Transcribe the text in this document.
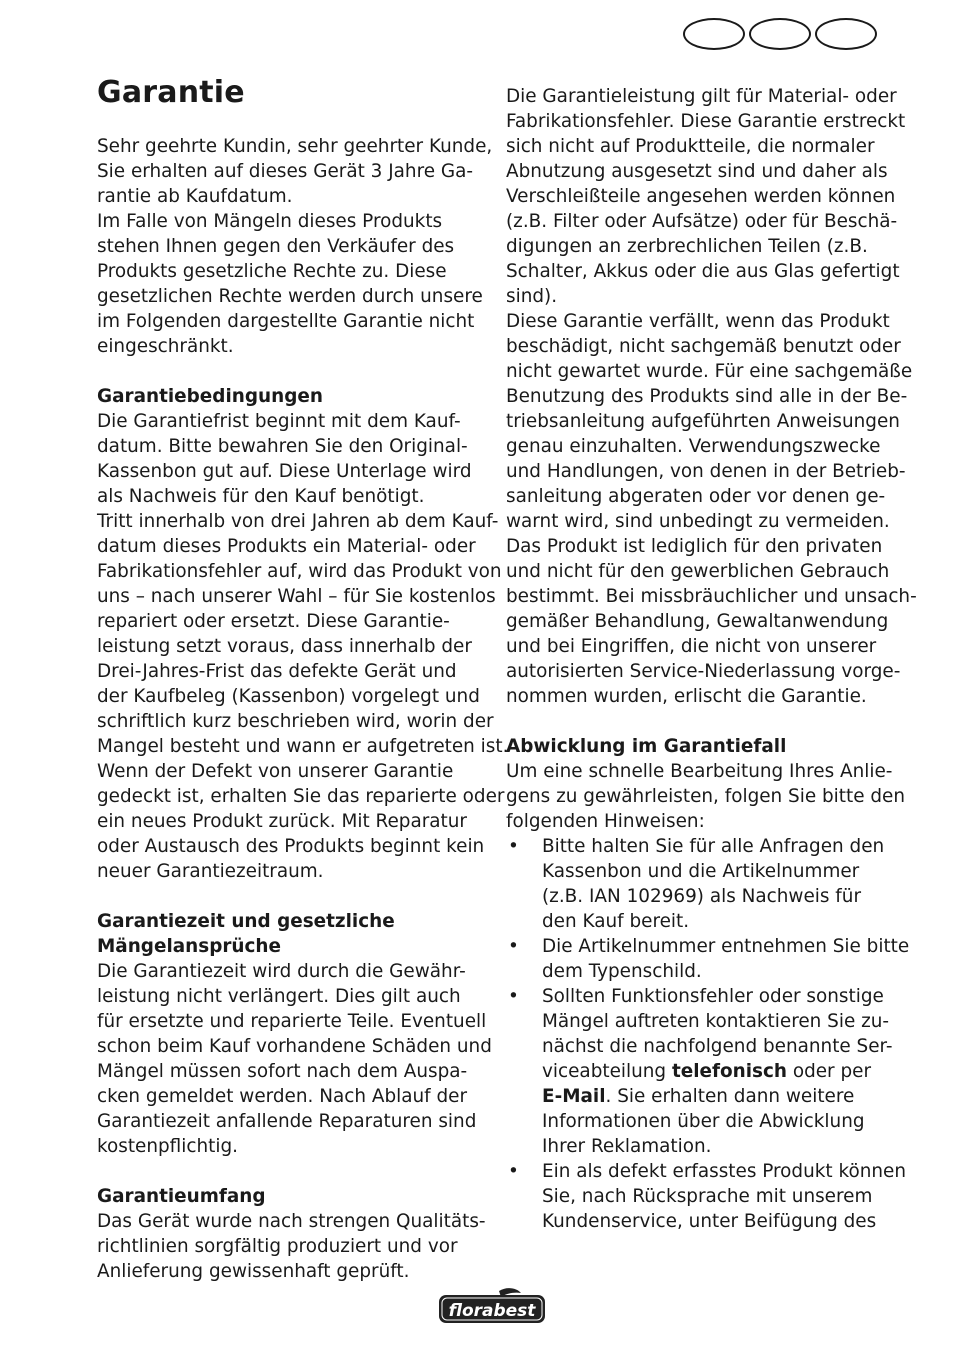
Garantie
Sehr geehrte Kundin, sehr geehrter Kunde,
Sie erhalten auf dieses Gerät 3 Jahre Ga-
rantie ab Kaufdatum.
Im Falle von Mängeln dieses Produkts
stehen Ihnen gegen den Verkäufer des
Produkts gesetzliche Rechte zu. Diese
gesetzlichen Rechte werden durch unsere
im Folgenden dargestellte Garantie nicht
eingeschränkt.
Garantiebedingungen
Die Garantiefrist beginnt mit dem Kauf-
datum. Bitte bewahren Sie den Original-
Kassenbon gut auf. Diese Unterlage wird
als Nachweis für den Kauf benötigt.
Tritt innerhalb von drei Jahren ab dem Kauf-
datum dieses Produkts ein Material- oder
Fabrikationsfehler auf, wird das Produkt von
uns – nach unserer Wahl – für Sie kostenlos
repariert oder ersetzt. Diese Garantie-
leistung setzt voraus, dass innerhalb der
Drei-Jahres-Frist das defekte Gerät und
der Kaufbeleg (Kassenbon) vorgelegt und
schriftlich kurz beschrieben wird, worin der
Mangel besteht und wann er aufgetreten ist.
Wenn der Defekt von unserer Garantie
gedeckt ist, erhalten Sie das reparierte oder
ein neues Produkt zurück. Mit Reparatur
oder Austausch des Produkts beginnt kein
neuer Garantiezeitraum.
Garantiezeit und gesetzliche
Mängelansprüche
Die Garantiezeit wird durch die Gewähr-
leistung nicht verlängert. Dies gilt auch
für ersetzte und reparierte Teile. Eventuell
schon beim Kauf vorhandene Schäden und
Mängel müssen sofort nach dem Auspa-
cken gemeldet werden. Nach Ablauf der
Garantiezeit anfallende Reparaturen sind
kostenpflichtig.
Garantieumfang
Das Gerät wurde nach strengen Qualitäts-
richtlinien sorgfältig produziert und vor
Anlieferung gewissenhaft geprüft.
Die Garantieleistung gilt für Material- oder
Fabrikationsfehler. Diese Garantie erstreckt
sich nicht auf Produktteile, die normaler
Abnutzung ausgesetzt sind und daher als
Verschleißteile angesehen werden können
(z.B. Filter oder Aufsätze) oder für Beschä-
digungen an zerbrechlichen Teilen (z.B.
Schalter, Akkus oder die aus Glas gefertigt
sind).
Diese Garantie verfällt, wenn das Produkt
beschädigt, nicht sachgemäß benutzt oder
nicht gewartet wurde. Für eine sachgemäße
Benutzung des Produkts sind alle in der Be-
triebsanleitung aufgeführten Anweisungen
genau einzuhalten. Verwendungszwecke
und Handlungen, von denen in der Betrieb-
sanleitung abgeraten oder vor denen ge-
warnt wird, sind unbedingt zu vermeiden.
Das Produkt ist lediglich für den privaten
und nicht für den gewerblichen Gebrauch
bestimmt. Bei missbräuchlicher und unsach-
gemäßer Behandlung, Gewaltanwendung
und bei Eingriffen, die nicht von unserer
autorisierten Service-Niederlassung vorge-
nommen wurden, erlischt die Garantie.
Abwicklung im Garantiefall
Um eine schnelle Bearbeitung Ihres Anlie-
gens zu gewährleisten, folgen Sie bitte den
folgenden Hinweisen:
•	Bitte halten Sie für alle Anfragen den
Kassenbon und die Artikelnummer
(z.B. IAN 102969) als Nachweis für
den Kauf bereit.
•	Die Artikelnummer entnehmen Sie bitte
dem Typenschild.
•	Sollten Funktionsfehler oder sonstige
Mängel auftreten kontaktieren Sie zu-
nächst die nachfolgend benannte Ser-
viceabteilung telefonisch oder per
E-Mail. Sie erhalten dann weitere
Informationen über die Abwicklung
Ihrer Reklamation.
•	Ein als defekt erfasstes Produkt können
Sie, nach Rücksprache mit unserem
Kundenservice, unter Beifügung des
florabest
